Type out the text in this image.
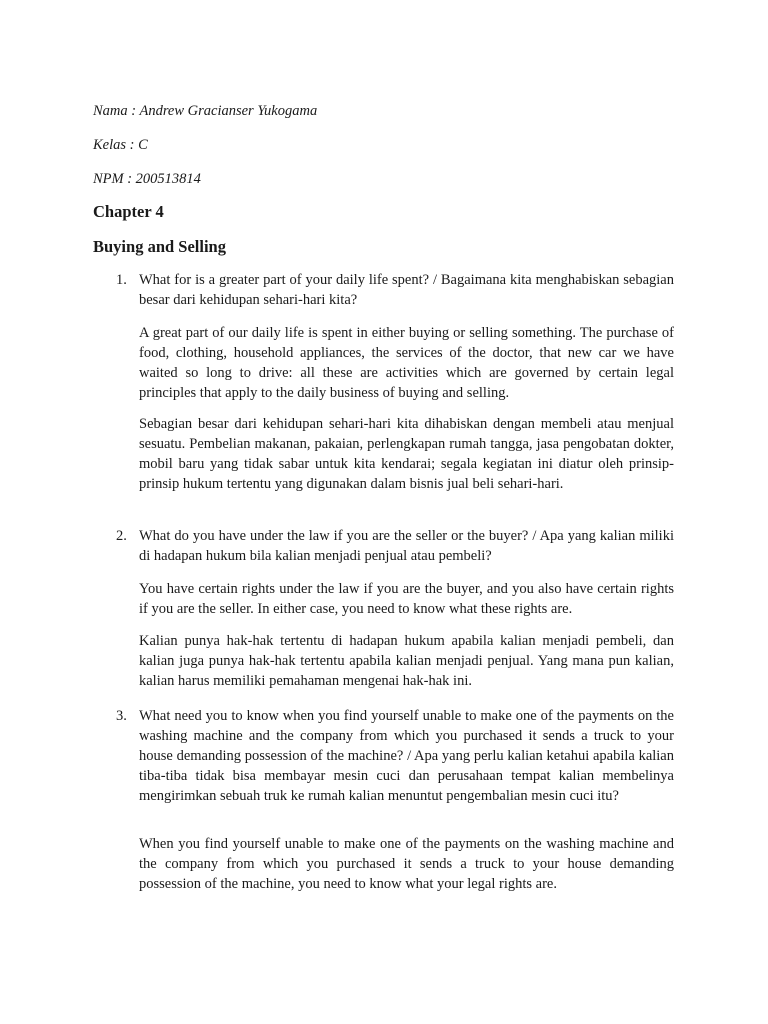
Nama : Andrew Gracianser Yukogama
Kelas : C
NPM : 200513814
Chapter 4
Buying and Selling
1. What for is a greater part of your daily life spent? / Bagaimana kita menghabiskan sebagian besar dari kehidupan sehari-hari kita?

A great part of our daily life is spent in either buying or selling something. The purchase of food, clothing, household appliances, the services of the doctor, that new car we have waited so long to drive: all these are activities which are governed by certain legal principles that apply to the daily business of buying and selling.

Sebagian besar dari kehidupan sehari-hari kita dihabiskan dengan membeli atau menjual sesuatu. Pembelian makanan, pakaian, perlengkapan rumah tangga, jasa pengobatan dokter, mobil baru yang tidak sabar untuk kita kendarai; segala kegiatan ini diatur oleh prinsip-prinsip hukum tertentu yang digunakan dalam bisnis jual beli sehari-hari.

2. What do you have under the law if you are the seller or the buyer? / Apa yang kalian miliki di hadapan hukum bila kalian menjadi penjual atau pembeli?

You have certain rights under the law if you are the buyer, and you also have certain rights if you are the seller. In either case, you need to know what these rights are.

Kalian punya hak-hak tertentu di hadapan hukum apabila kalian menjadi pembeli, dan kalian juga punya hak-hak tertentu apabila kalian menjadi penjual. Yang mana pun kalian, kalian harus memiliki pemahaman mengenai hak-hak ini.

3. What need you to know when you find yourself unable to make one of the payments on the washing machine and the company from which you purchased it sends a truck to your house demanding possession of the machine? / Apa yang perlu kalian ketahui apabila kalian tiba-tiba tidak bisa membayar mesin cuci dan perusahaan tempat kalian membelinya mengirimkan sebuah truk ke rumah kalian menuntut pengembalian mesin cuci itu?

When you find yourself unable to make one of the payments on the washing machine and the company from which you purchased it sends a truck to your house demanding possession of the machine, you need to know what your legal rights are.
